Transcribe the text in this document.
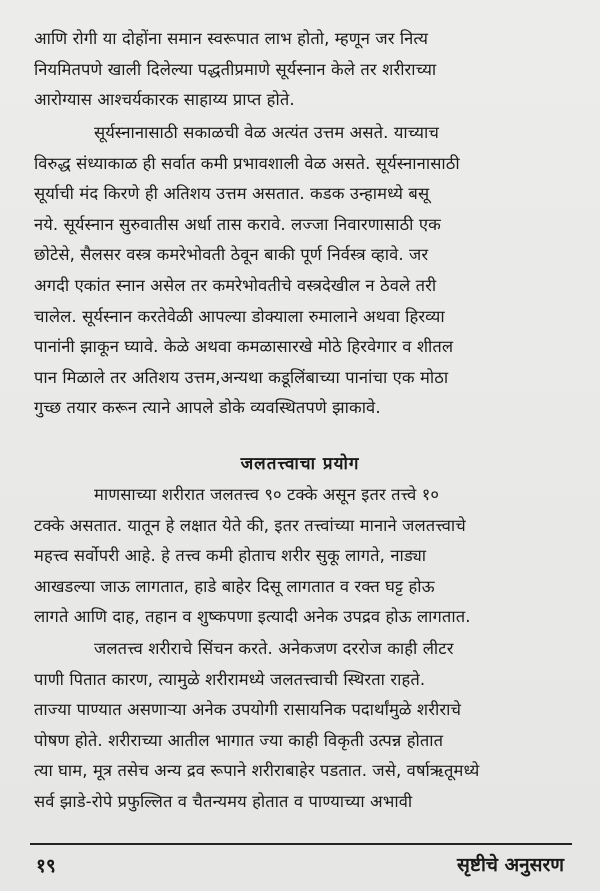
आणि रोगी या दोहोंना समान स्वरूपात लाभ होतो, म्हणून जर नित्य
नियमितपणे खाली दिलेल्या पद्धतीप्रमाणे सूर्यस्नान केले तर शरीराच्या
आरोग्यास आश्चर्यकारक साहाय्य प्राप्त होते.
सूर्यस्नानासाठी सकाळची वेळ अत्यंत उत्तम असते. याच्याच
विरुद्ध संध्याकाळ ही सर्वात कमी प्रभावशाली वेळ असते. सूर्यस्नानासाठी
सूर्याची मंद किरणे ही अतिशय उत्तम असतात. कडक उन्हामध्ये बसू
नये. सूर्यस्नान सुरुवातीस अर्धा तास करावे. लज्जा निवारणासाठी एक
छोटेसे, सैलसर वस्त्र कमरेभोवती ठेवून बाकी पूर्ण निर्वस्त्र व्हावे. जर
अगदी एकांत स्नान असेल तर कमरेभोवतीचे वस्त्रदेखील न ठेवले तरी
चालेल. सूर्यस्नान करतेवेळी आपल्या डोक्याला रुमालाने अथवा हिरव्या
पानांनी झाकून घ्यावे. केळे अथवा कमळासारखे मोठे हिरवेगार व शीतल
पान मिळाले तर अतिशय उत्तम,अन्यथा कडूलिंबाच्या पानांचा एक मोठा
गुच्छ तयार करून त्याने आपले डोके व्यवस्थितपणे झाकावे.
जलतत्त्वाचा प्रयोग
माणसाच्या शरीरात जलतत्त्व ९० टक्के असून इतर तत्त्वे १०
टक्के असतात. यातून हे लक्षात येते की, इतर तत्त्वांच्या मानाने जलतत्त्वाचे
महत्त्व सर्वोपरी आहे. हे तत्त्व कमी होताच शरीर सुकू लागते, नाड्या
आखडल्या जाऊ लागतात, हाडे बाहेर दिसू लागतात व रक्त घट्ट होऊ
लागते आणि दाह, तहान व शुष्कपणा इत्यादी अनेक उपद्रव होऊ लागतात.
जलतत्त्व शरीराचे सिंचन करते. अनेकजण दररोज काही लीटर
पाणी पितात कारण, त्यामुळे शरीरामध्ये जलतत्त्वाची स्थिरता राहते.
ताज्या पाण्यात असणाऱ्या अनेक उपयोगी रासायनिक पदार्थांमुळे शरीराचे
पोषण होते. शरीराच्या आतील भागात ज्या काही विकृती उत्पन्न होतात
त्या घाम, मूत्र तसेच अन्य द्रव रूपाने शरीराबाहेर पडतात. जसे, वर्षाऋतूमध्ये
सर्व झाडे-रोपे प्रफुल्लित व चैतन्यमय होतात व पाण्याच्या अभावी
१९	सृष्टीचे अनुसरण
